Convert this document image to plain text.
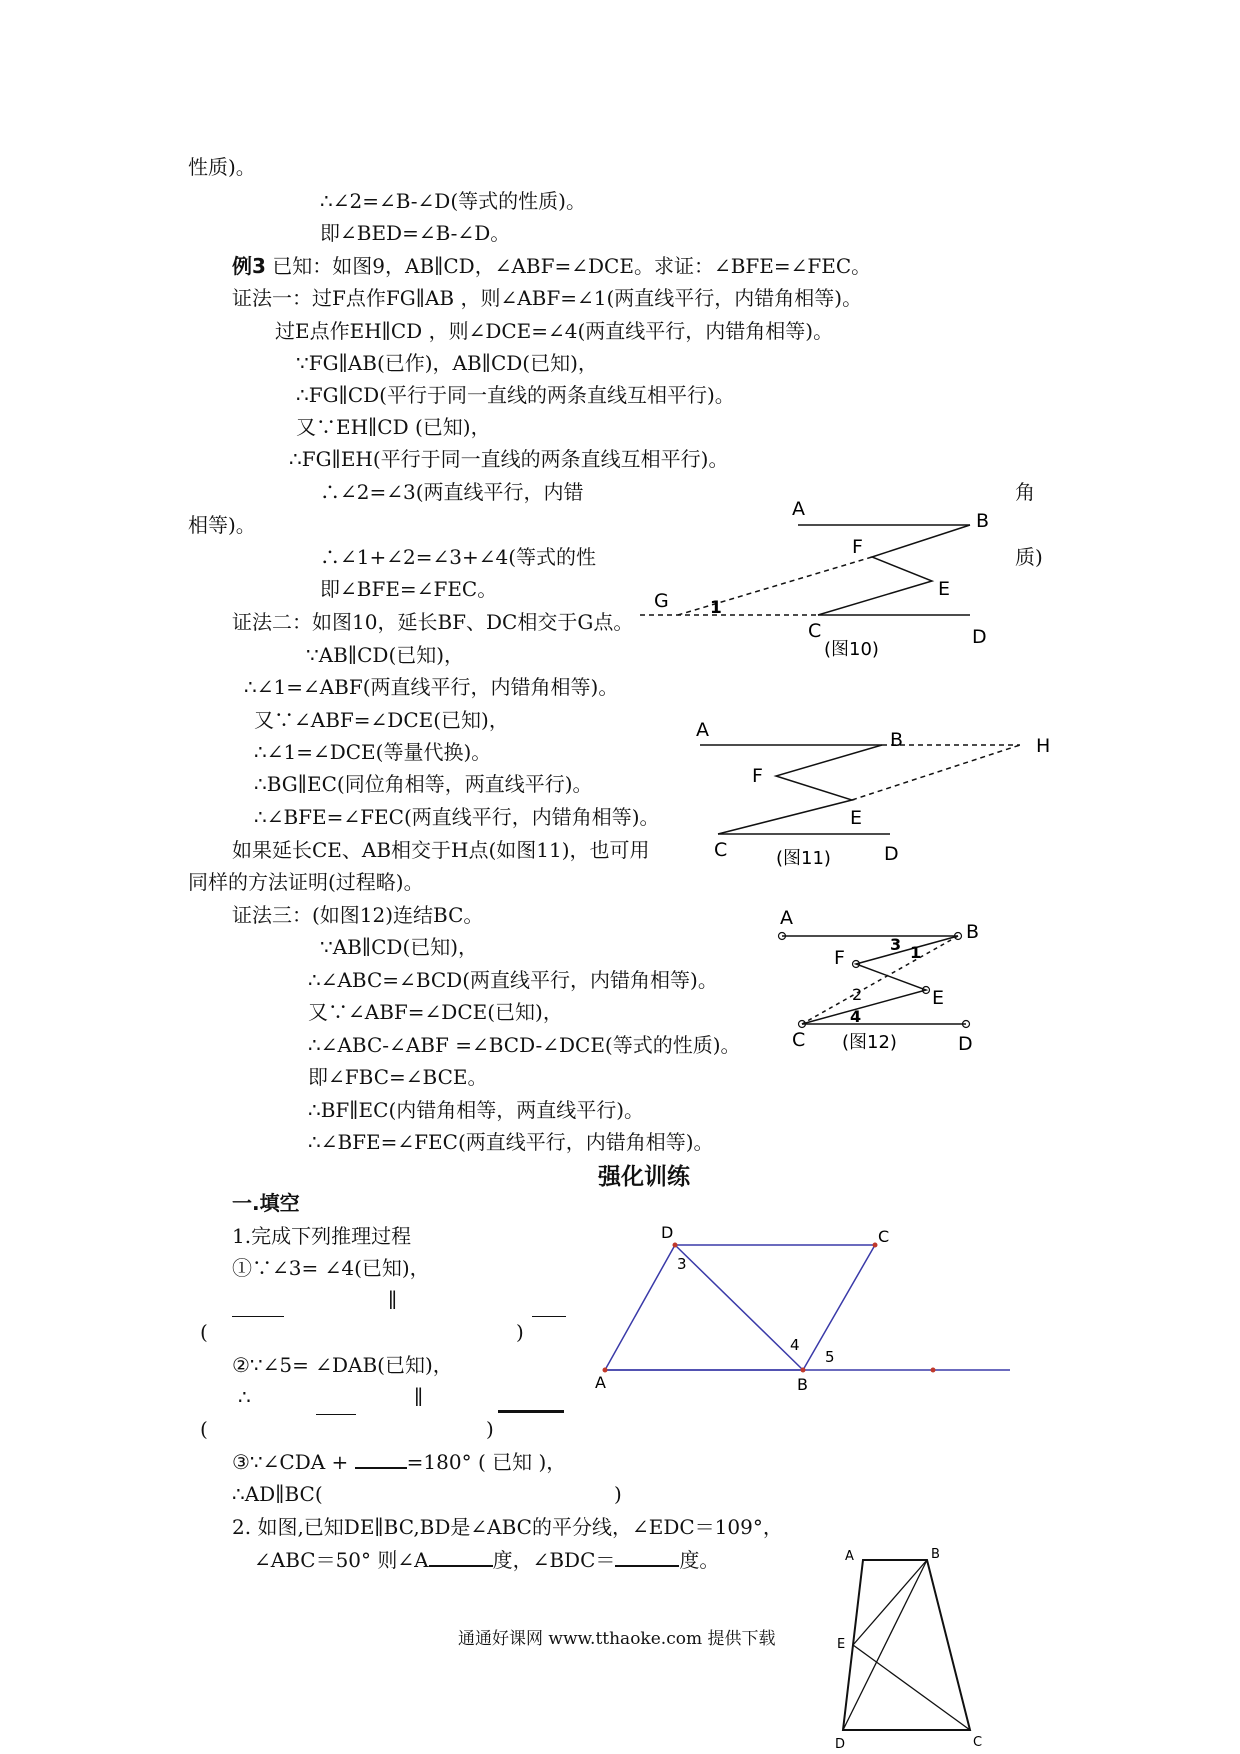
性质)。
∴∠2=∠B-∠D(等式的性质)。
即∠BED=∠B-∠D。
例3 已知：如图9，AB∥CD，∠ABF=∠DCE。求证：∠BFE=∠FEC。
证法一：过F点作FG∥AB ，则∠ABF=∠1(两直线平行，内错角相等)。
过E点作EH∥CD ，则∠DCE=∠4(两直线平行，内错角相等)。
∵FG∥AB(已作)，AB∥CD(已知)，
∴FG∥CD(平行于同一直线的两条直线互相平行)。
又∵EH∥CD (已知)，
∴FG∥EH(平行于同一直线的两条直线互相平行)。
∴∠2=∠3(两直线平行，内错	角
相等)。
∴∠1+∠2=∠3+∠4(等式的性	质)
即∠BFE=∠FEC。
证法二：如图10，延长BF、DC相交于G点。
∵AB∥CD(已知)，
∴∠1=∠ABF(两直线平行，内错角相等)。
又∵∠ABF=∠DCE(已知)，
∴∠1=∠DCE(等量代换)。
∴BG∥EC(同位角相等，两直线平行)。
∴∠BFE=∠FEC(两直线平行，内错角相等)。
如果延长CE、AB相交于H点(如图11)，也可用
同样的方法证明(过程略)。
证法三：(如图12)连结BC。
∵AB∥CD(已知)，
∴∠ABC=∠BCD(两直线平行，内错角相等)。
又∵∠ABF=∠DCE(已知)，
∴∠ABC-∠ABF =∠BCD-∠DCE(等式的性质)。
即∠FBC=∠BCE。
∴BF∥EC(内错角相等，两直线平行)。
∴∠BFE=∠FEC(两直线平行，内错角相等)。
强化训练
一.填空
1.完成下列推理过程
①∵∠3= ∠4(已知)，
∥
(	)
②∵∠5= ∠DAB(已知)，
∴	∥
(	)
③∵∠CDA +	=180° ( 已知 )，
∴AD∥BC(	)
2. 如图,已知DE∥BC,BD是∠ABC的平分线，∠EDC＝109°，
∠ABC＝50° 则∠A	度，∠BDC＝	度。
通通好课网 www.tthaoke.com 提供下载
A
B
F
E
G 1
C	D
(图10)
A	B	H
F
E
C	D
(图11)
A
B
3 1
F
E
2
4
C	D
(图12)
D	C
3
4
5
A	B
A	B
E
D	C
